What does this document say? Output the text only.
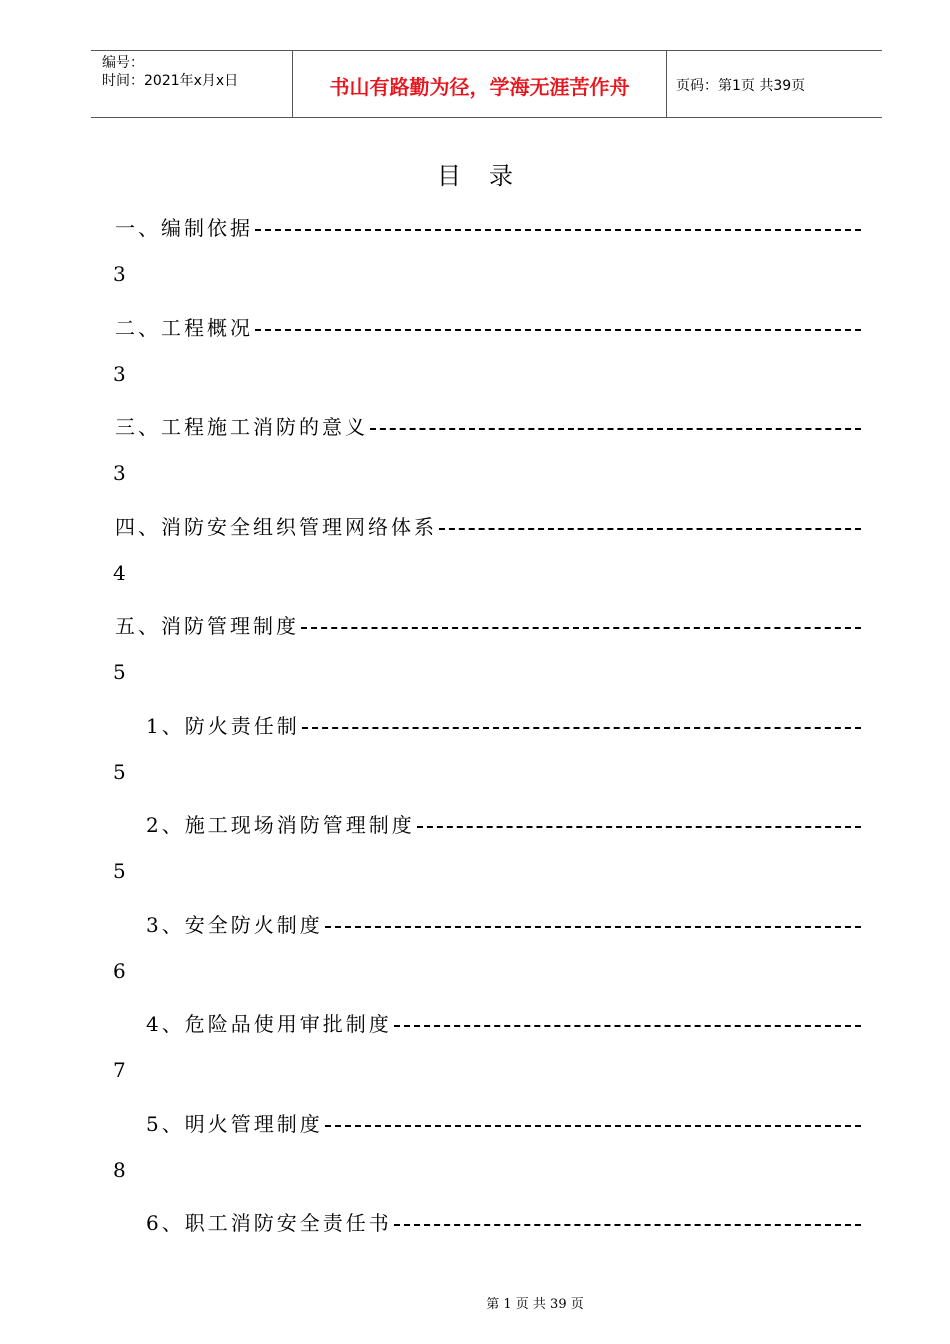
编号：
时间：2021年x月x日	书山有路勤为径，学海无涯苦作舟	页码：第1页 共39页
目录
一、编制依据
3
二、工程概况
3
三、工程施工消防的意义
3
四、消防安全组织管理网络体系
4
五、消防管理制度
5
1、防火责任制
5
2、施工现场消防管理制度
5
3、安全防火制度
6
4、危险品使用审批制度
7
5、明火管理制度
8
6、职工消防安全责任书
第 1 页 共 39 页
